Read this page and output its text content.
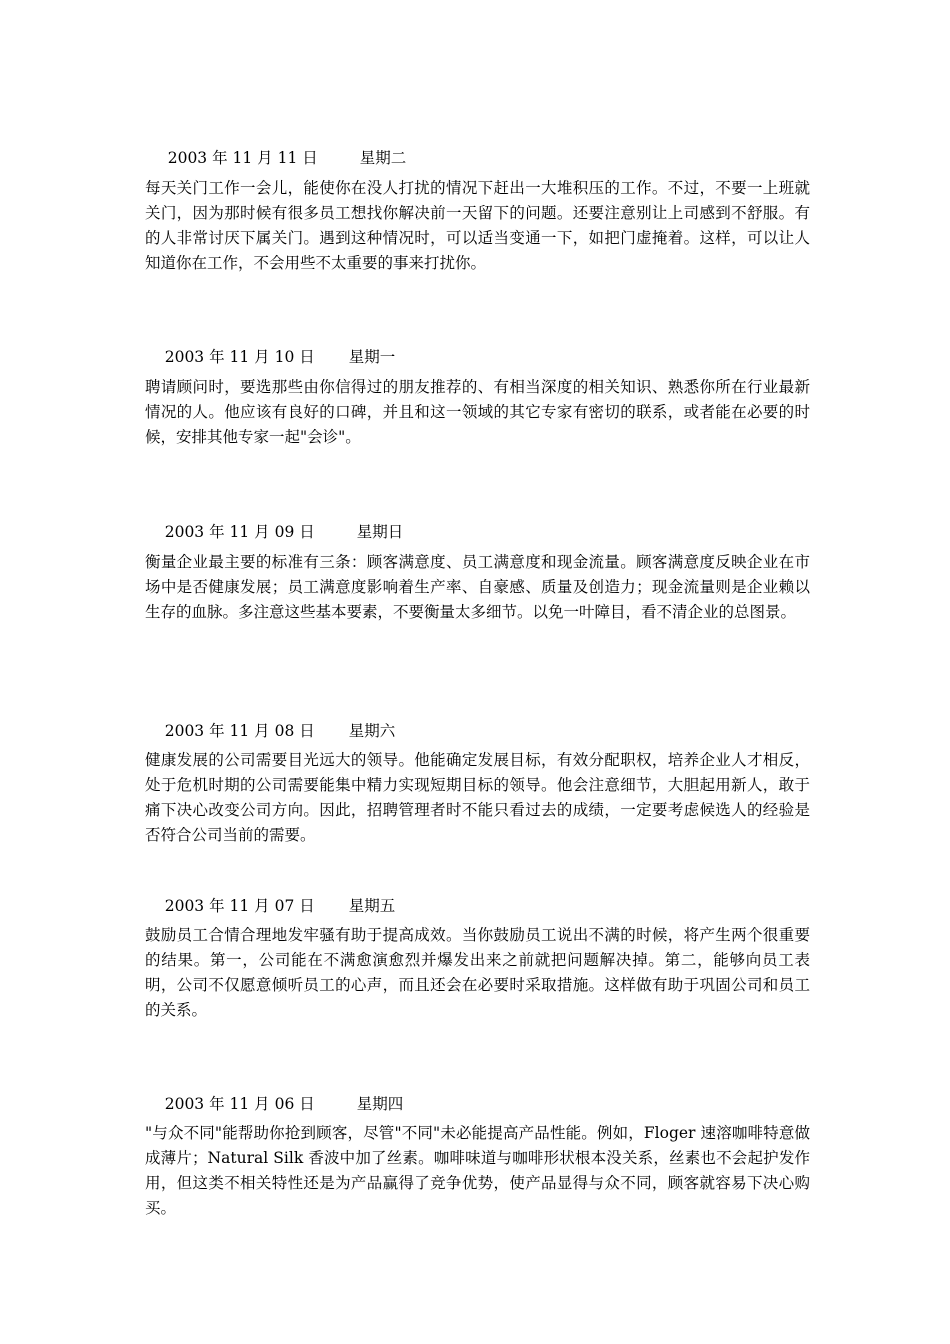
2003 年 11 月 11 日	星期二

每天关门工作一会儿，能使你在没人打扰的情况下赶出一大堆积压的工作。不过，不要一上班就关门，因为那时候有很多员工想找你解决前一天留下的问题。还要注意别让上司感到不舒服。有的人非常讨厌下属关门。遇到这种情况时，可以适当变通一下，如把门虚掩着。这样，可以让人知道你在工作，不会用些不太重要的事来打扰你。

2003 年 11 月 10 日 星期一

聘请顾问时，要选那些由你信得过的朋友推荐的、有相当深度的相关知识、熟悉你所在行业最新情况的人。他应该有良好的口碑，并且和这一领域的其它专家有密切的联系，或者能在必要的时候，安排其他专家一起"会诊"。

2003 年 11 月 09 日	星期日

衡量企业最主要的标准有三条：顾客满意度、员工满意度和现金流量。顾客满意度反映企业在市场中是否健康发展；员工满意度影响着生产率、自豪感、质量及创造力；现金流量则是企业赖以生存的血脉。多注意这些基本要素，不要衡量太多细节。以免一叶障目，看不清企业的总图景。

2003 年 11 月 08 日 星期六

健康发展的公司需要目光远大的领导。他能确定发展目标，有效分配职权，培养企业人才相反，处于危机时期的公司需要能集中精力实现短期目标的领导。他会注意细节，大胆起用新人，敢于痛下决心改变公司方向。因此，招聘管理者时不能只看过去的成绩，一定要考虑候选人的经验是否符合公司当前的需要。

2003 年 11 月 07 日 星期五

鼓励员工合情合理地发牢骚有助于提高成效。当你鼓励员工说出不满的时候，将产生两个很重要的结果。第一，公司能在不满愈演愈烈并爆发出来之前就把问题解决掉。第二，能够向员工表明，公司不仅愿意倾听员工的心声，而且还会在必要时采取措施。这样做有助于巩固公司和员工的关系。

2003 年 11 月 06 日	星期四

"与众不同"能帮助你抢到顾客，尽管"不同"未必能提高产品性能。例如，Floger 速溶咖啡特意做成薄片；Natural Silk 香波中加了丝素。咖啡味道与咖啡形状根本没关系，丝素也不会起护发作用，但这类不相关特性还是为产品赢得了竞争优势，使产品显得与众不同，顾客就容易下决心购买。
